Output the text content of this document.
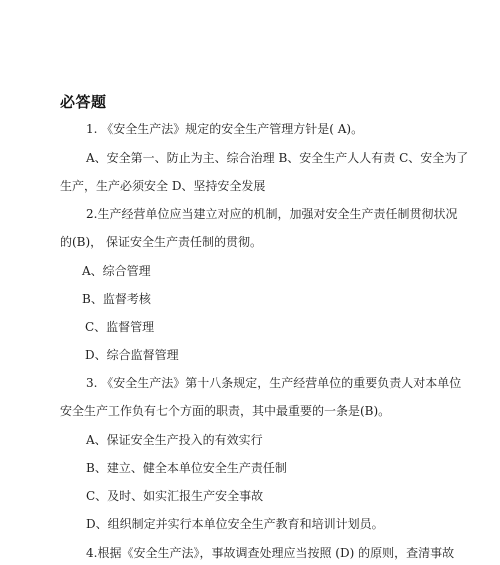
必答题
1. 《安全生产法》规定的安全生产管理方针是( A)。
A、安全第一、防止为主、综合治理 B、安全生产人人有责 C、安全为了
生产，生产必须安全 D、坚持安全发展
2.生产经营单位应当建立对应的机制，加强对安全生产责任制贯彻状况
的(B)， 保证安全生产责任制的贯彻。
A、综合管理
B、监督考核
C、监督管理
D、综合监督管理
3. 《安全生产法》第十八条规定，生产经营单位的重要负责人对本单位
安全生产工作负有七个方面的职责，其中最重要的一条是(B)。
A、保证安全生产投入的有效实行
B、建立、健全本单位安全生产责任制
C、及时、如实汇报生产安全事故
D、组织制定并实行本单位安全生产教育和培训计划员。
4.根据《安全生产法》，事故调查处理应当按照 (D) 的原则，查清事故
